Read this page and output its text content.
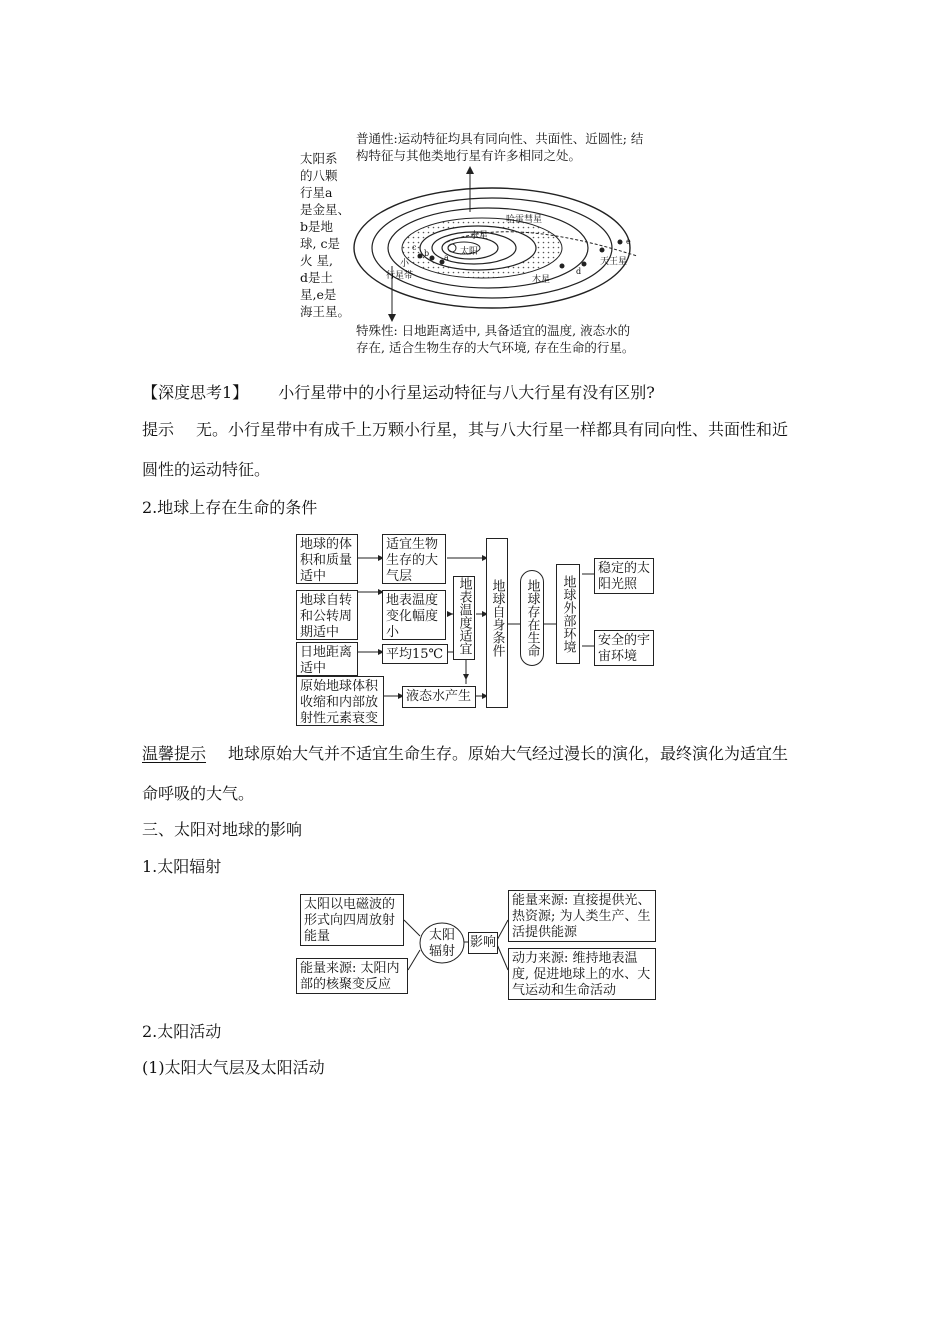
普通性:运动特征均具有同向性、共面性、近圆性; 结
构特征与其他类地行星有许多相同之处。
太阳系
的八颗
行星a
是金星、
b是地
球, c是
火 星,
d是土
星,e是
海王星。
哈雷彗星
水星
太阳
小
行星带	木星
天王星
a
b
c
d
e
特殊性: 日地距离适中, 具备适宜的温度, 液态水的
存在, 适合生物生存的大气环境, 存在生命的行星。
【深度思考1】 小行星带中的小行星运动特征与八大行星有没有区别?
提示 无。小行星带中有成千上万颗小行星，其与八大行星一样都具有同向性、共面性和近
圆性的运动特征。
2.地球上存在生命的条件
地球的体积和质量适中
地球自转和公转周期适中
日地距离适中
原始地球体积收缩和内部放射性元素衰变
适宜生物生存的大气层
地表温度变化幅度小
平均15℃
液态水产生
地表温度适宜 地球自身条件	地球存在生命	地球外部环境
稳定的太阳光照
安全的宇宙环境
温馨提示 地球原始大气并不适宜生命生存。原始大气经过漫长的演化，最终演化为适宜生
命呼吸的大气。
三、太阳对地球的影响
1.太阳辐射
太阳以电磁波的形式向四周放射能量
能量来源: 太阳内部的核聚变反应
太阳辐射
影响
能量来源: 直接提供光、热资源; 为人类生产、生活提供能源
动力来源: 维持地表温度, 促进地球上的水、大气运动和生命活动
2.太阳活动
(1)太阳大气层及太阳活动
